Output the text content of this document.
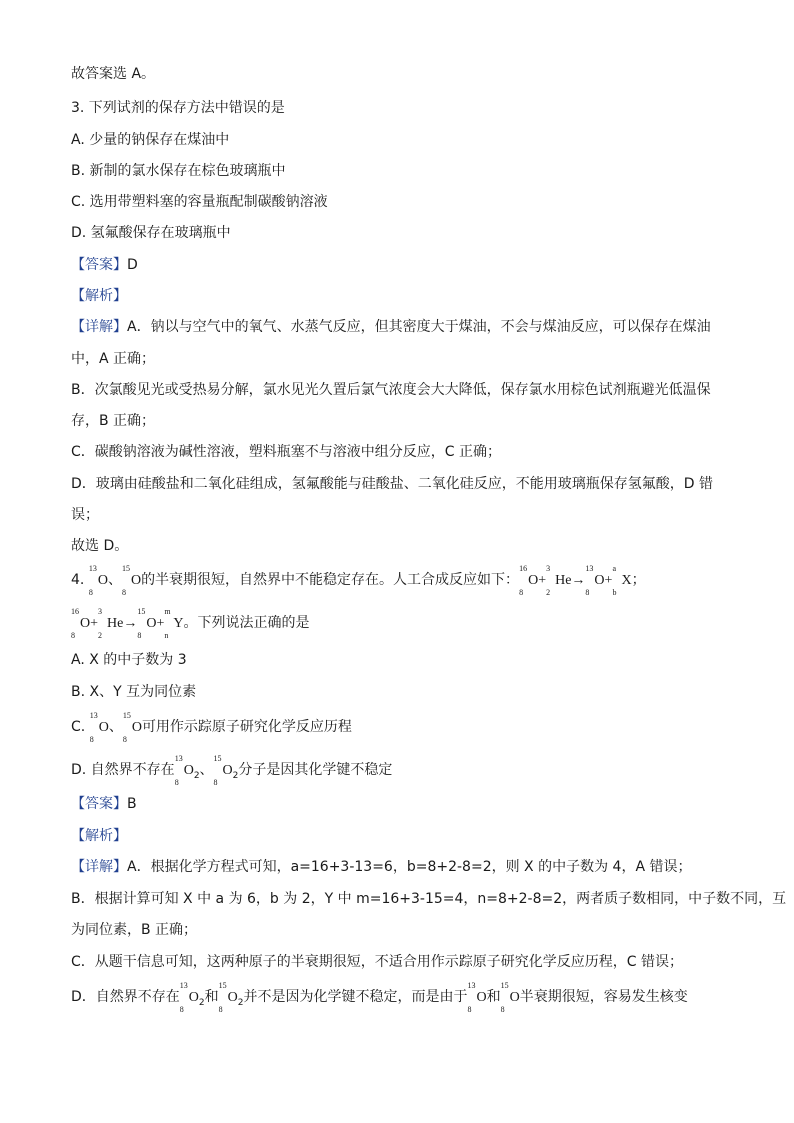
故答案选 A。
3. 下列试剂的保存方法中错误的是
A. 少量的钠保存在煤油中
B. 新制的氯水保存在棕色玻璃瓶中
C. 选用带塑料塞的容量瓶配制碳酸钠溶液
D. 氢氟酸保存在玻璃瓶中
【答案】D
【解析】
【详解】A．钠以与空气中的氧气、水蒸气反应，但其密度大于煤油，不会与煤油反应，可以保存在煤油
中，A 正确；
B．次氯酸见光或受热易分解，氯水见光久置后氯气浓度会大大降低，保存氯水用棕色试剂瓶避光低温保
存，B 正确；
C．碳酸钠溶液为碱性溶液，塑料瓶塞不与溶液中组分反应，C 正确；
D．玻璃由硅酸盐和二氧化硅组成，氢氟酸能与硅酸盐、二氧化硅反应，不能用玻璃瓶保存氢氟酸，D 错
误；
故选 D。
4.
13
8
O、
15
8
O的半衰期很短，自然界中不能稳定存在。人工合成反应如下：
16
8
O+
3
2
He→
13
8
O+
a
b
X；
16
8
O+
3
2
He→
15
8
O+
m
n
Y。下列说法正确的是
A. X 的中子数为 3
B. X、Y 互为同位素
C.
13
8
O、
15
8
O可用作示踪原子研究化学反应历程
D. 自然界不存在
13
8
$O_2$、
15
8
$O_2$分子是因其化学键不稳定
【答案】B
【解析】
【详解】A．根据化学方程式可知，a=16+3-13=6，b=8+2-8=2，则 X 的中子数为 4，A 错误；
B．根据计算可知 X 中 a 为 6，b 为 2，Y 中 m=16+3-15=4，n=8+2-8=2，两者质子数相同，中子数不同，互
为同位素，B 正确；
C．从题干信息可知，这两种原子的半衰期很短，不适合用作示踪原子研究化学反应历程，C 错误；
D．自然界不存在
13
8
$O_2$和
15
8
$O_2$并不是因为化学键不稳定，而是由于
13
8
O和
15
8
O半衰期很短，容易发生核变
